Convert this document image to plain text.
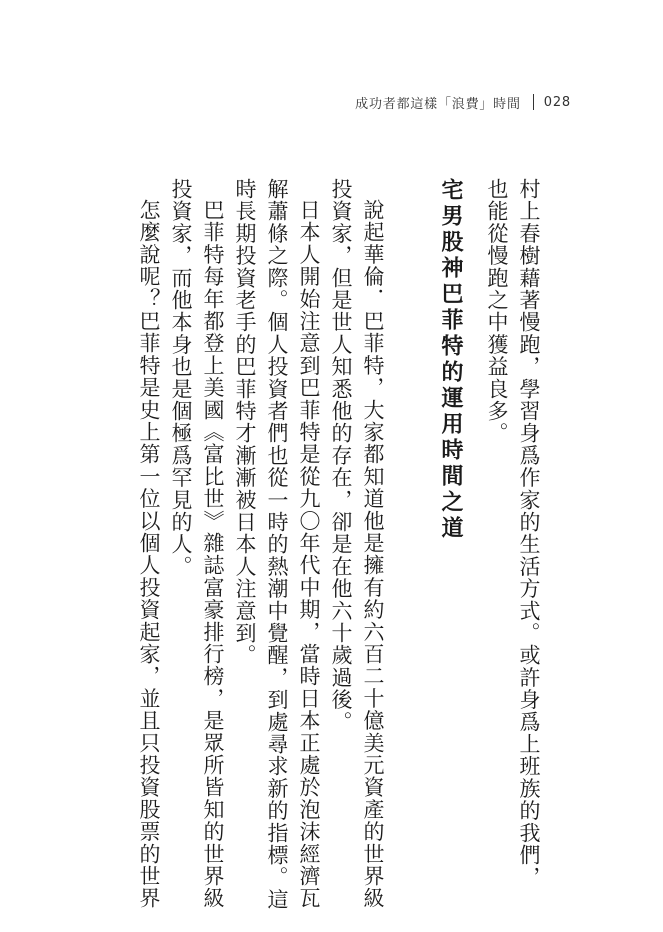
成功者都這樣「浪費」時間 028
村上春樹藉著慢跑，學習身爲作家的生活方式。或許身爲上班族的我們，
也能從慢跑之中獲益良多。
宅男股神巴菲特的運用時間之道
說起華倫．巴菲特，大家都知道他是擁有約六百二十億美元資產的世界級
投資家，但是世人知悉他的存在，卻是在他六十歲過後。
日本人開始注意到巴菲特是從九〇年代中期，當時日本正處於泡沫經濟瓦
解蕭條之際。個人投資者們也從一時的熱潮中覺醒，到處尋求新的指標。這
時長期投資老手的巴菲特才漸漸被日本人注意到。
巴菲特每年都登上美國《富比世》雜誌富豪排行榜，是眾所皆知的世界級
投資家，而他本身也是個極爲罕見的人。
怎麼說呢？巴菲特是史上第一位以個人投資起家，並且只投資股票的世界
